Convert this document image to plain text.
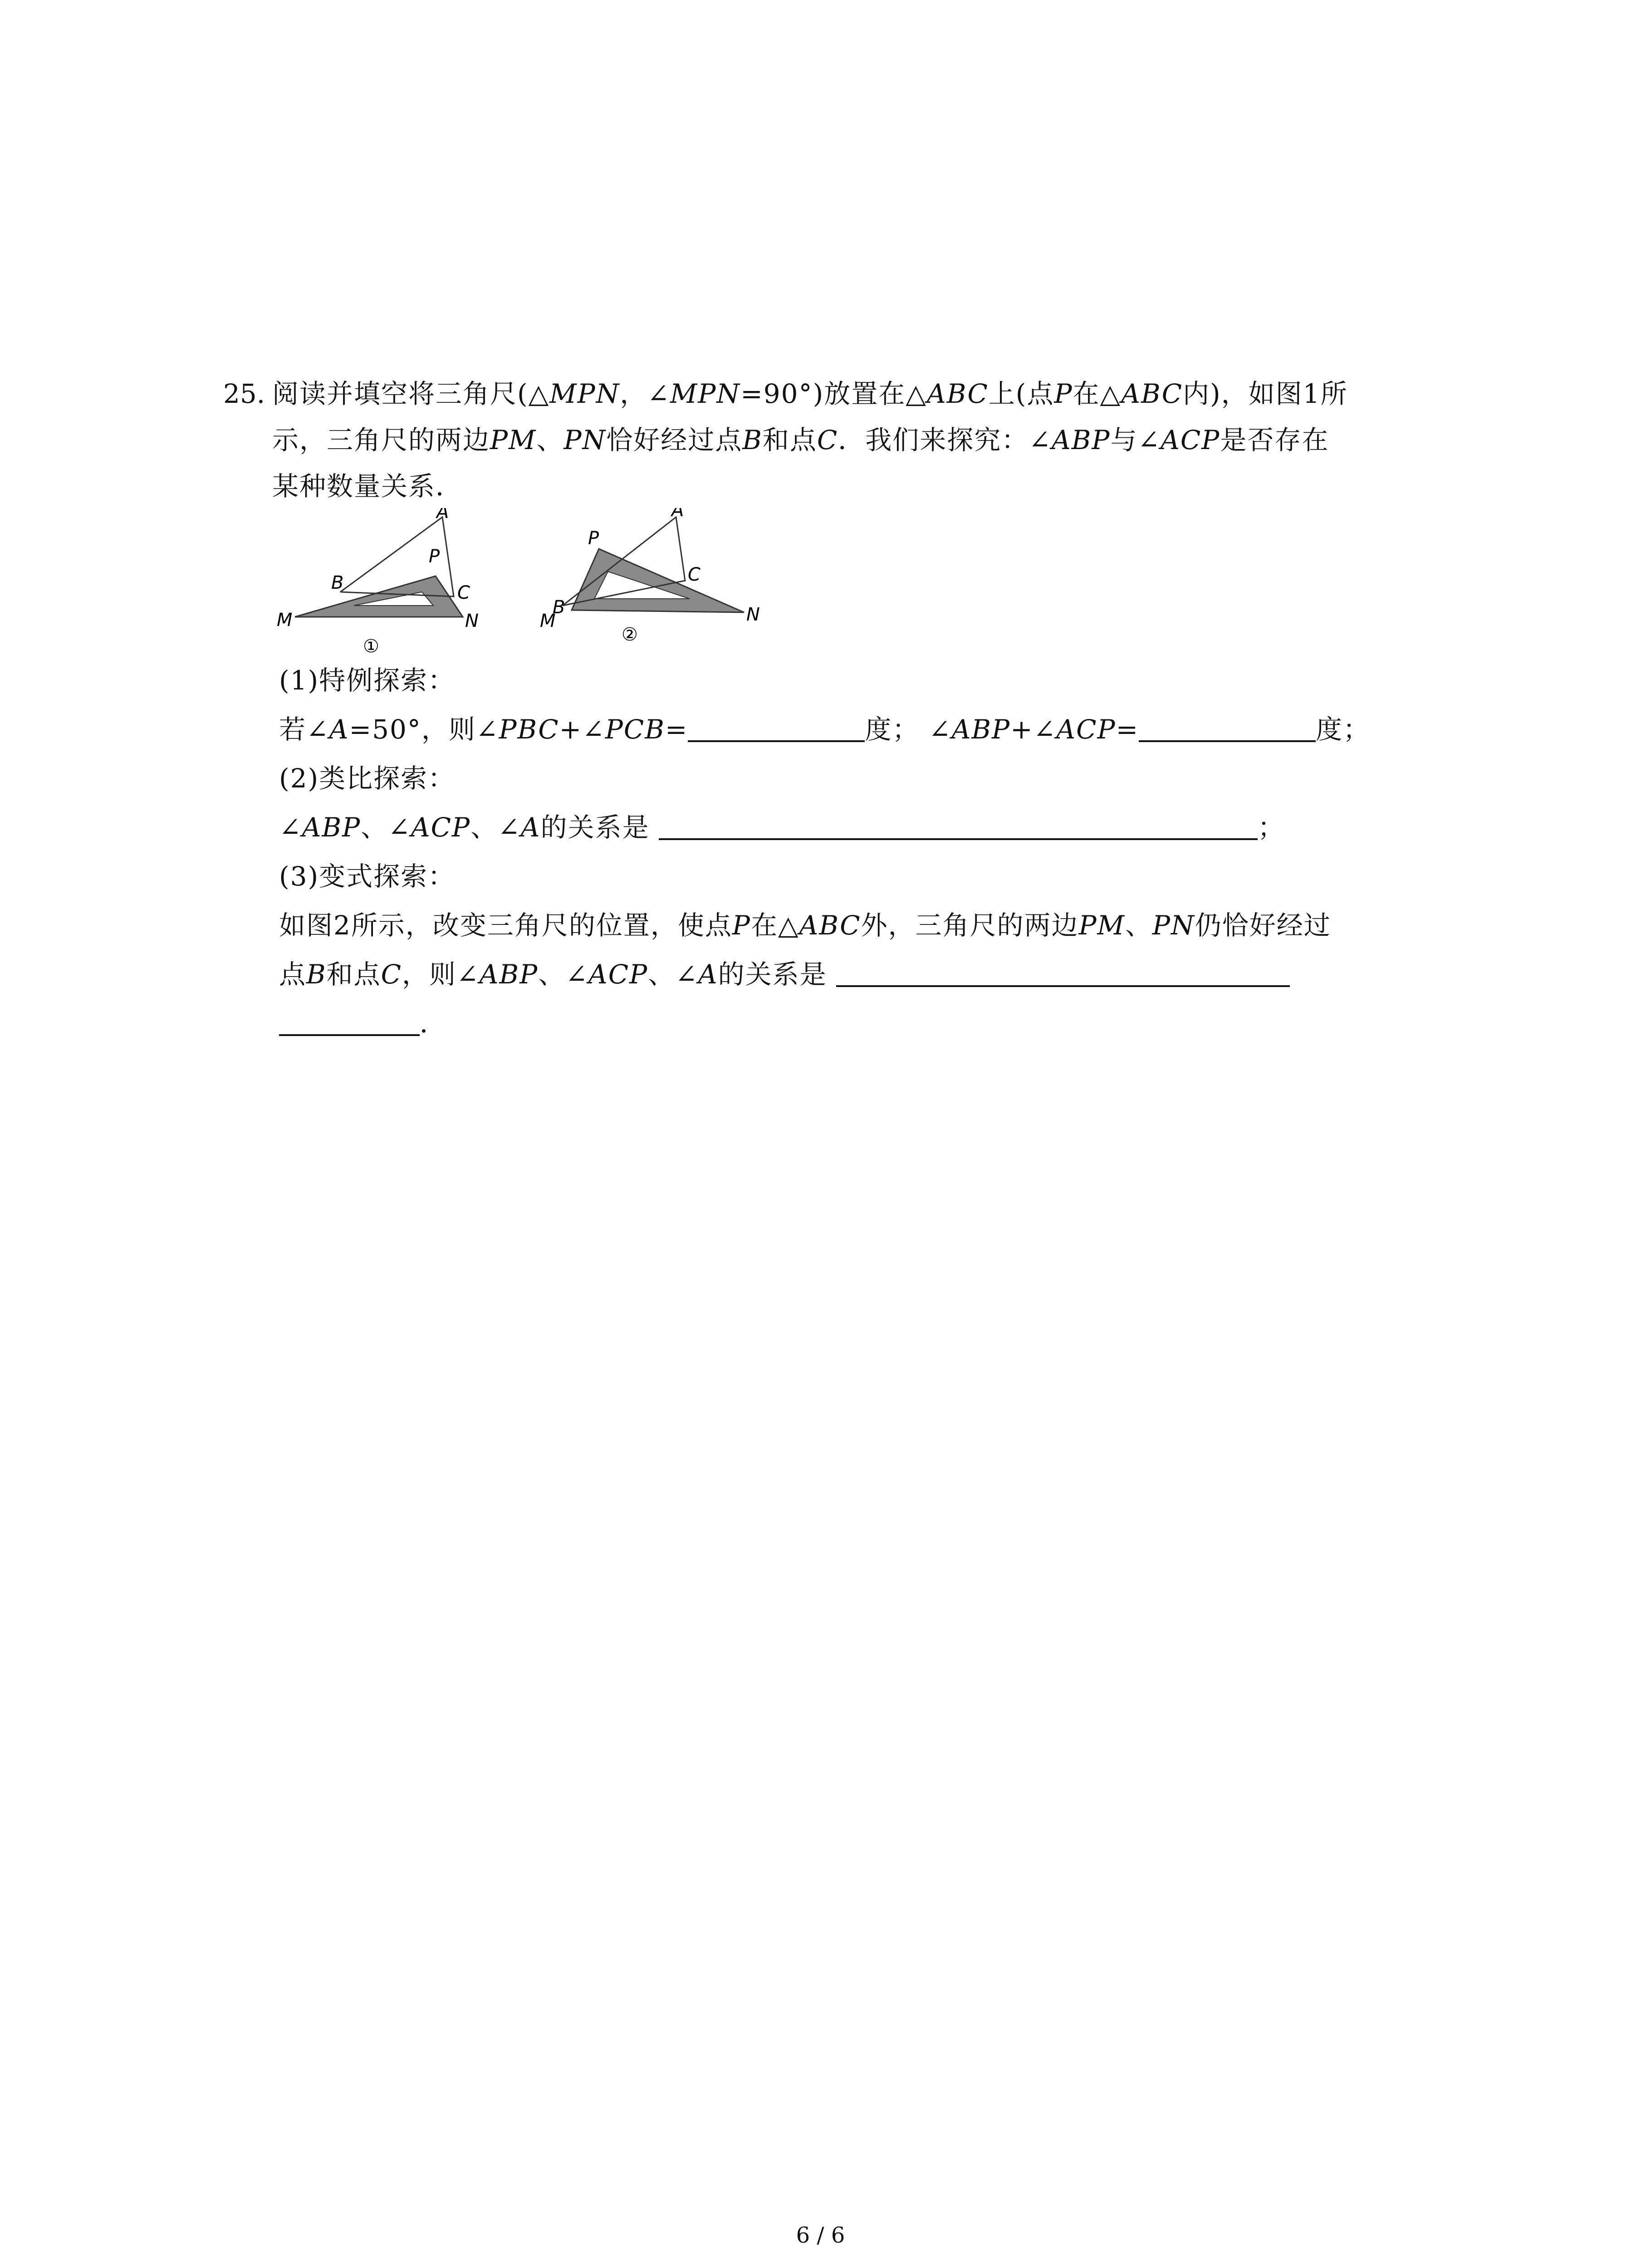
25. 阅读并填空将三角尺(△MPN，∠MPN=90°)放置在△ABC上(点P在△ABC内)，如图1所
示，三角尺的两边PM、PN恰好经过点B和点C．我们来探究：∠ABP与∠ACP是否存在
某种数量关系．
A
B	C
P
M	N
①
A
B
C
P
M	N
②
(1)特例探索：
若∠A=50°，则∠PBC+∠PCB=	度； ∠ABP+∠ACP=	度；
(2)类比探索：
∠ABP、∠ACP、∠A的关系是	；
(3)变式探索：
如图2所示，改变三角尺的位置，使点P在△ABC外，三角尺的两边PM、PN仍恰好经过
点B和点C，则∠ABP、∠ACP、∠A的关系是
．
6 / 6
